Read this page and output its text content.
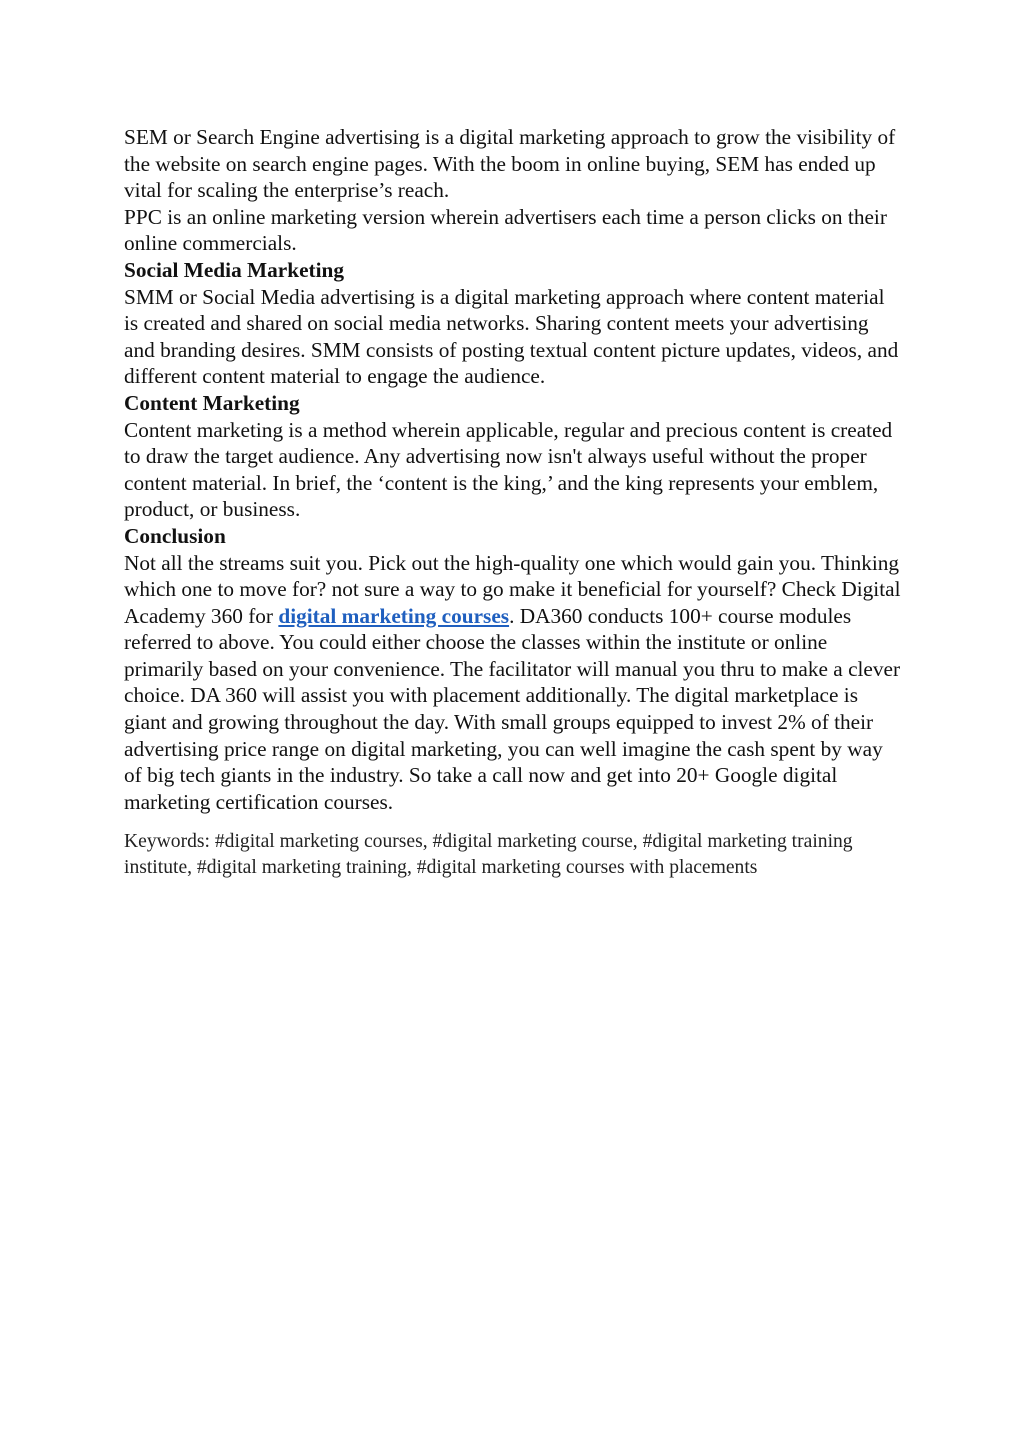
SEM or Search Engine advertising is a digital marketing approach to grow the visibility of the website on search engine pages. With the boom in online buying, SEM has ended up vital for scaling the enterprise’s reach.

PPC is an online marketing version wherein advertisers each time a person clicks on their online commercials.

Social Media Marketing

SMM or Social Media advertising is a digital marketing approach where content material is created and shared on social media networks. Sharing content meets your advertising and branding desires. SMM consists of posting textual content picture updates, videos, and different content material to engage the audience.

Content Marketing

Content marketing is a method wherein applicable, regular and precious content is created to draw the target audience. Any advertising now isn't always useful without the proper content material. In brief, the ‘content is the king,’ and the king represents your emblem, product, or business.

Conclusion

Not all the streams suit you. Pick out the high-quality one which would gain you. Thinking which one to move for? not sure a way to go make it beneficial for yourself? Check Digital Academy 360 for digital marketing courses. DA360 conducts 100+ course modules referred to above. You could either choose the classes within the institute or online primarily based on your convenience. The facilitator will manual you thru to make a clever choice. DA 360 will assist you with placement additionally. The digital marketplace is giant and growing throughout the day. With small groups equipped to invest 2% of their advertising price range on digital marketing, you can well imagine the cash spent by way of big tech giants in the industry. So take a call now and get into 20+ Google digital marketing certification courses.

Keywords: #digital marketing courses, #digital marketing course, #digital marketing training institute, #digital marketing training, #digital marketing courses with placements
